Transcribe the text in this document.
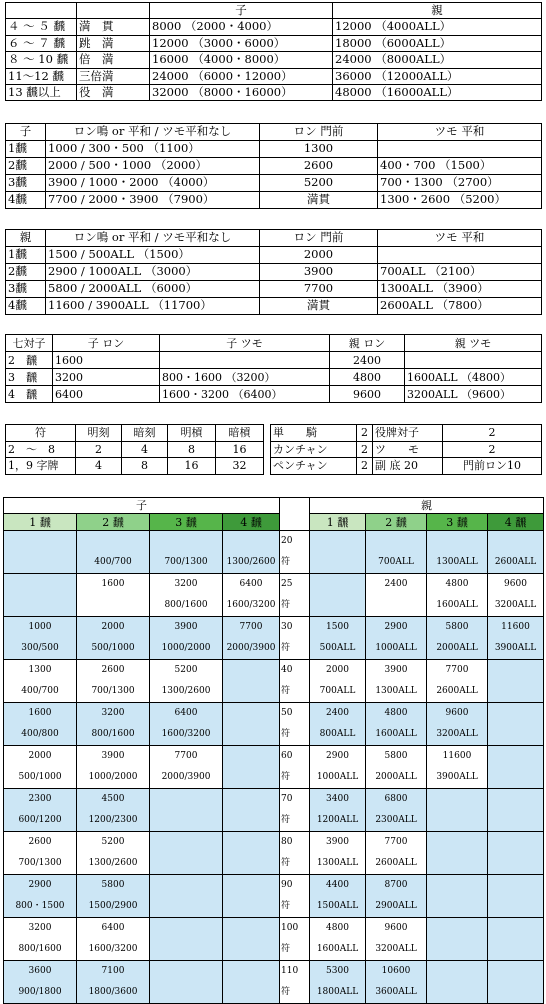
		子	親
４ ～ ５ 飜	満　貫	8000 （2000・4000）	12000 （4000ALL）
６ ～ ７ 飜	跳　満	12000 （3000・6000）	18000 （6000ALL）
８ ～ 10 飜	倍　満	16000 （4000・8000）	24000 （8000ALL）
11～12 飜	三倍満	24000 （6000・12000）	36000 （12000ALL）
13 飜以上	役　満	32000 （8000・16000）	48000 （16000ALL）
子	ロン鳴 or 平和 / ツモ平和なし	ロン 門前	ツモ 平和
1飜	1000 / 300・500 （1100）	1300	
2飜	2000 / 500・1000 （2000）	2600	400・700 （1500）
3飜	3900 / 1000・2000 （4000）	5200	700・1300 （2700）
4飜	7700 / 2000・3900 （7900）	満貫	1300・2600 （5200）
親	ロン鳴 or 平和 / ツモ平和なし	ロン 門前	ツモ 平和
1飜	1500 / 500ALL （1500）	2000	
2飜	2900 / 1000ALL （3000）	3900	700ALL （2100）
3飜	5800 / 2000ALL （6000）	7700	1300ALL （3900）
4飜	11600 / 3900ALL （11700）	満貫	2600ALL （7800）
七対子	子 ロン	子 ツモ	親 ロン	親 ツモ
2　飜	1600		2400	
3　飜	3200	800・1600 （3200）	4800	1600ALL （4800）
4　飜	6400	1600・3200 （6400）	9600	3200ALL （9600）
符	明刻	暗刻	明槓	暗槓
2　～　8	2	4	8	16
1，9 字牌	4	8	16	32
単　　騎	2	役牌対子	2
カンチャン	2	ツ　　モ	2
ペンチャン	2	副 底 20	門前ロン10
子					親			
1 飜	2 飜	3 飜	4 飜		1 飜	2 飜	3 飜	4 飜
				20				
	400/700	700/1300	1300/2600	符		700ALL	1300ALL	2600ALL
	1600	3200	6400	25		2400	4800	9600
		800/1600	1600/3200	符			1600ALL	3200ALL
1000	2000	3900	7700	30	1500	2900	5800	11600
300/500	500/1000	1000/2000	2000/3900	符	500ALL	1000ALL	2000ALL	3900ALL
1300	2600	5200		40	2000	3900	7700	
400/700	700/1300	1300/2600		符	700ALL	1300ALL	2600ALL	
1600	3200	6400		50	2400	4800	9600	
400/800	800/1600	1600/3200		符	800ALL	1600ALL	3200ALL	
2000	3900	7700		60	2900	5800	11600	
500/1000	1000/2000	2000/3900		符	1000ALL	2000ALL	3900ALL	
2300	4500			70	3400	6800		
600/1200	1200/2300			符	1200ALL	2300ALL		
2600	5200			80	3900	7700		
700/1300	1300/2600			符	1300ALL	2600ALL		
2900	5800			90	4400	8700		
800・1500	1500/2900			符	1500ALL	2900ALL		
3200	6400			100	4800	9600		
800/1600	1600/3200			符	1600ALL	3200ALL		
3600	7100			110	5300	10600		
900/1800	1800/3600			符	1800ALL	3600ALL		
